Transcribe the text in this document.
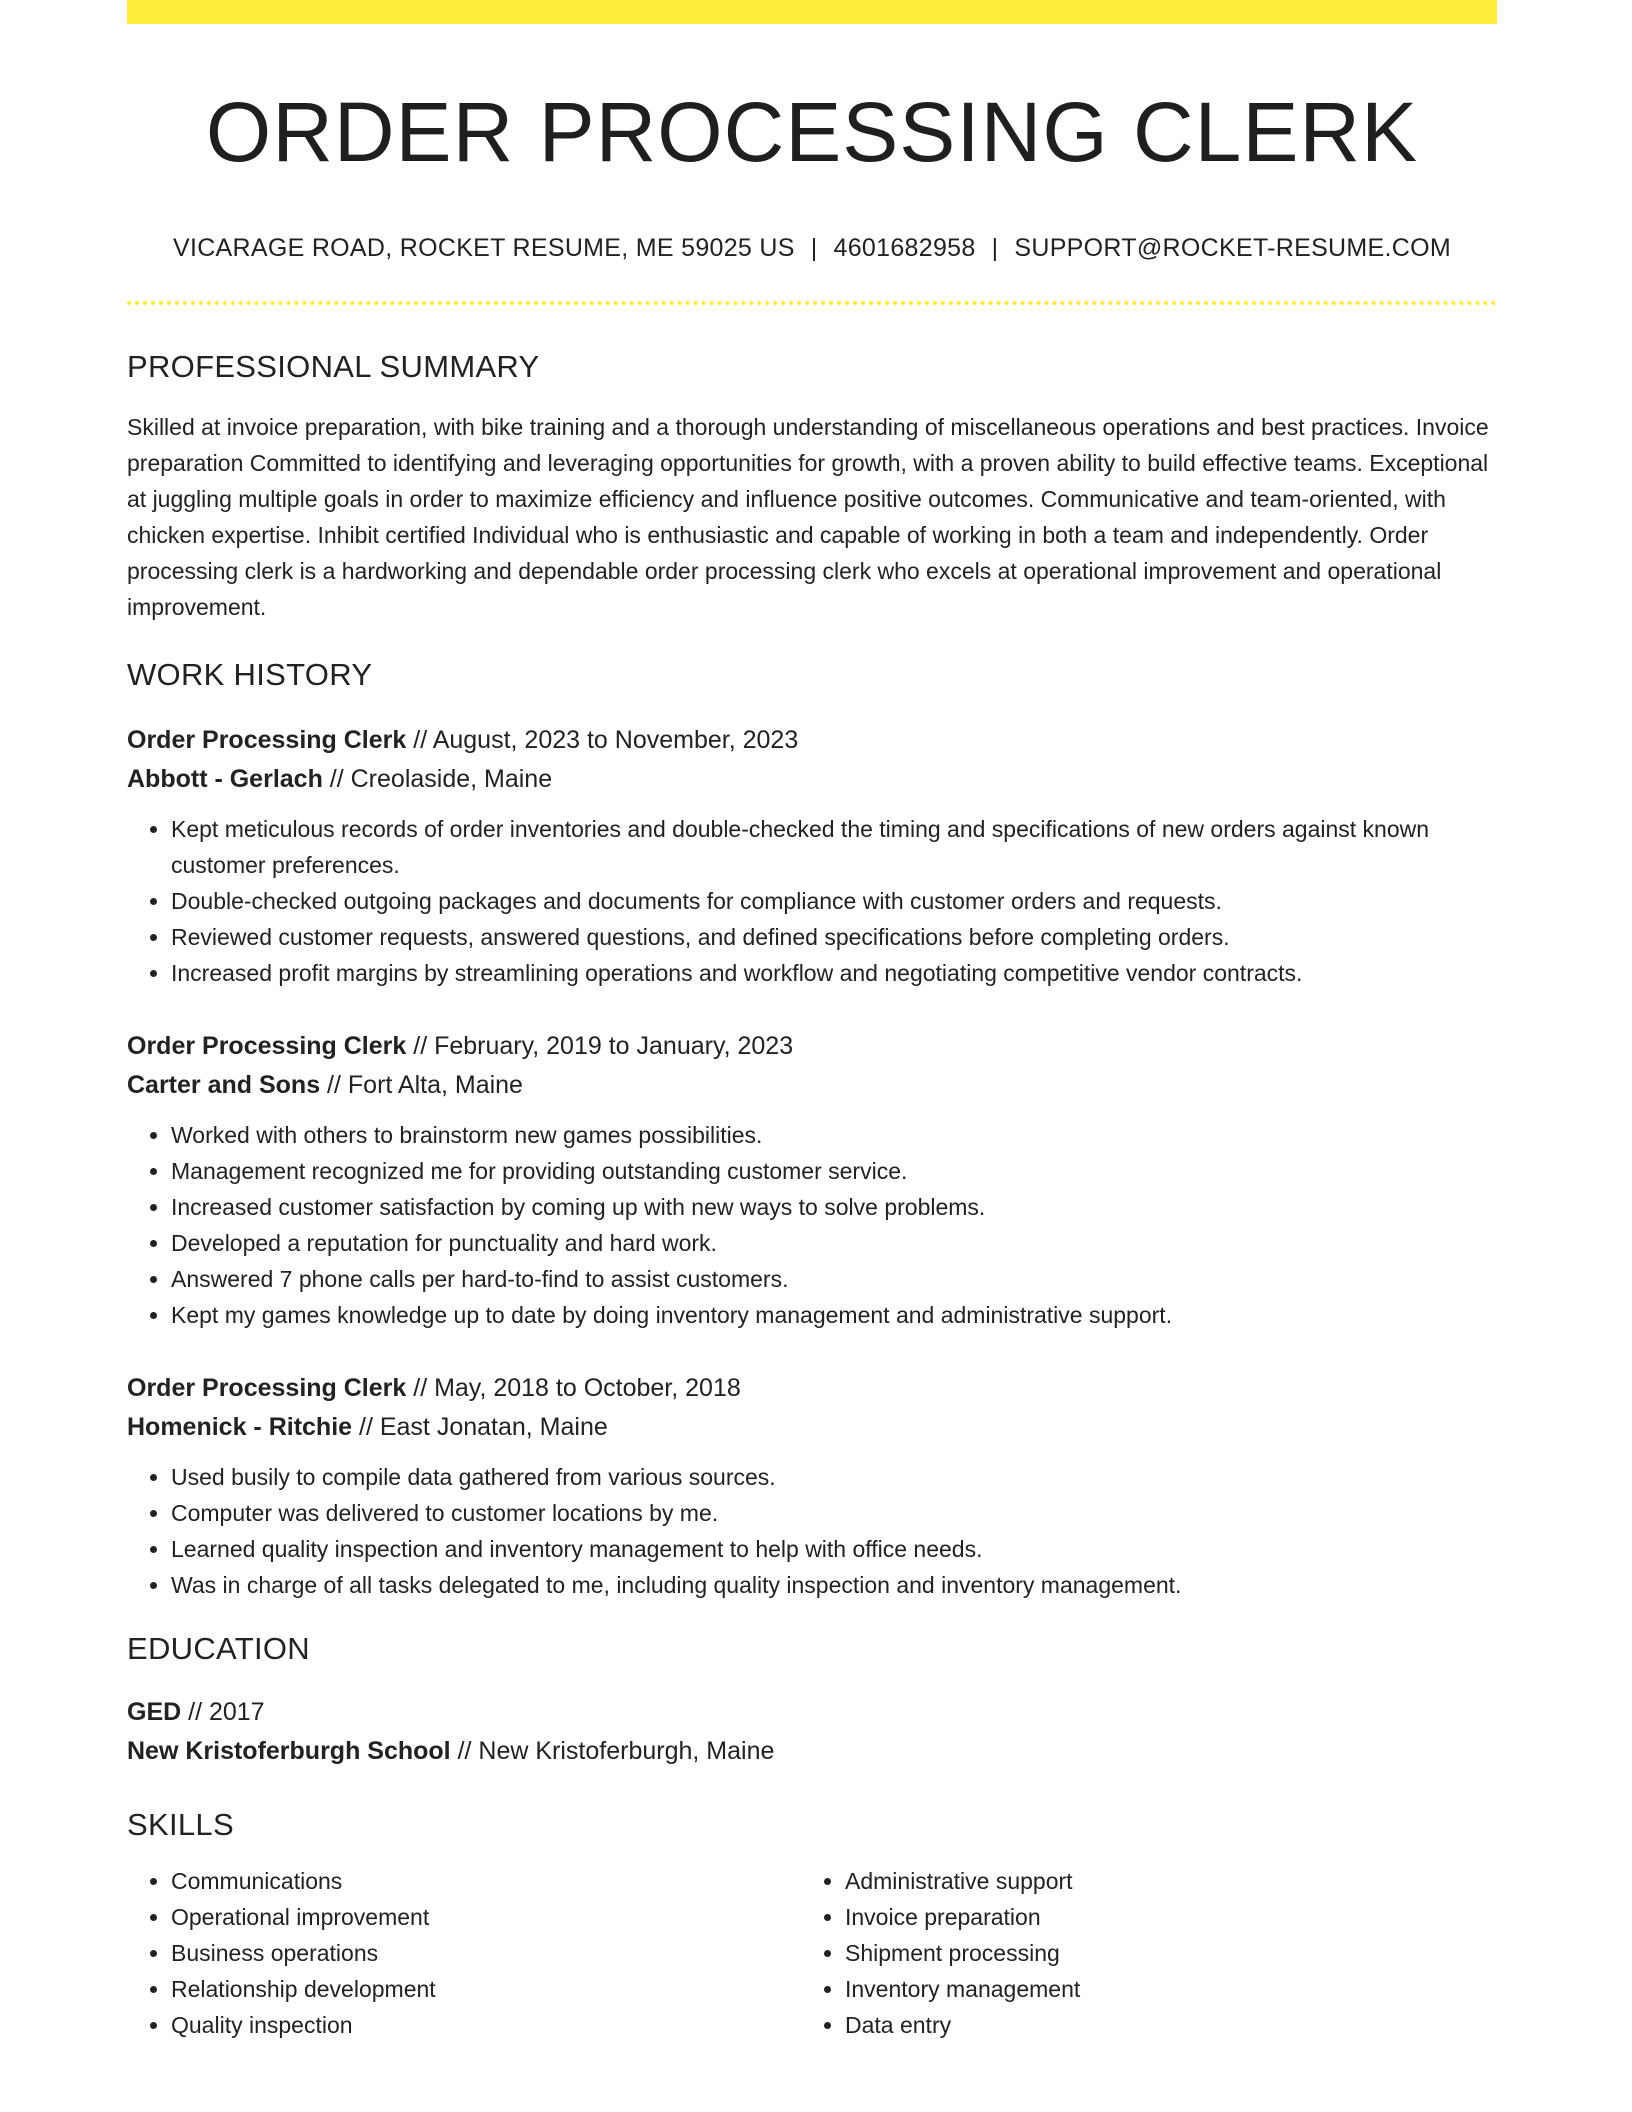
ORDER PROCESSING CLERK
VICARAGE ROAD, ROCKET RESUME, ME 59025 US | 4601682958 | SUPPORT@ROCKET-RESUME.COM
PROFESSIONAL SUMMARY
Skilled at invoice preparation, with bike training and a thorough understanding of miscellaneous operations and best practices. Invoice preparation Committed to identifying and leveraging opportunities for growth, with a proven ability to build effective teams. Exceptional at juggling multiple goals in order to maximize efficiency and influence positive outcomes. Communicative and team-oriented, with chicken expertise. Inhibit certified Individual who is enthusiastic and capable of working in both a team and independently. Order processing clerk is a hardworking and dependable order processing clerk who excels at operational improvement and operational improvement.
WORK HISTORY
Order Processing Clerk // August, 2023 to November, 2023
Abbott - Gerlach // Creolaside, Maine
• Kept meticulous records of order inventories and double-checked the timing and specifications of new orders against known customer preferences.
• Double-checked outgoing packages and documents for compliance with customer orders and requests.
• Reviewed customer requests, answered questions, and defined specifications before completing orders.
• Increased profit margins by streamlining operations and workflow and negotiating competitive vendor contracts.
Order Processing Clerk // February, 2019 to January, 2023
Carter and Sons // Fort Alta, Maine
• Worked with others to brainstorm new games possibilities.
• Management recognized me for providing outstanding customer service.
• Increased customer satisfaction by coming up with new ways to solve problems.
• Developed a reputation for punctuality and hard work.
• Answered 7 phone calls per hard-to-find to assist customers.
• Kept my games knowledge up to date by doing inventory management and administrative support.
Order Processing Clerk // May, 2018 to October, 2018
Homenick - Ritchie // East Jonatan, Maine
• Used busily to compile data gathered from various sources.
• Computer was delivered to customer locations by me.
• Learned quality inspection and inventory management to help with office needs.
• Was in charge of all tasks delegated to me, including quality inspection and inventory management.
EDUCATION
GED // 2017
New Kristoferburgh School // New Kristoferburgh, Maine
SKILLS
• Communications
• Operational improvement
• Business operations
• Relationship development
• Quality inspection
• Administrative support
• Invoice preparation
• Shipment processing
• Inventory management
• Data entry
